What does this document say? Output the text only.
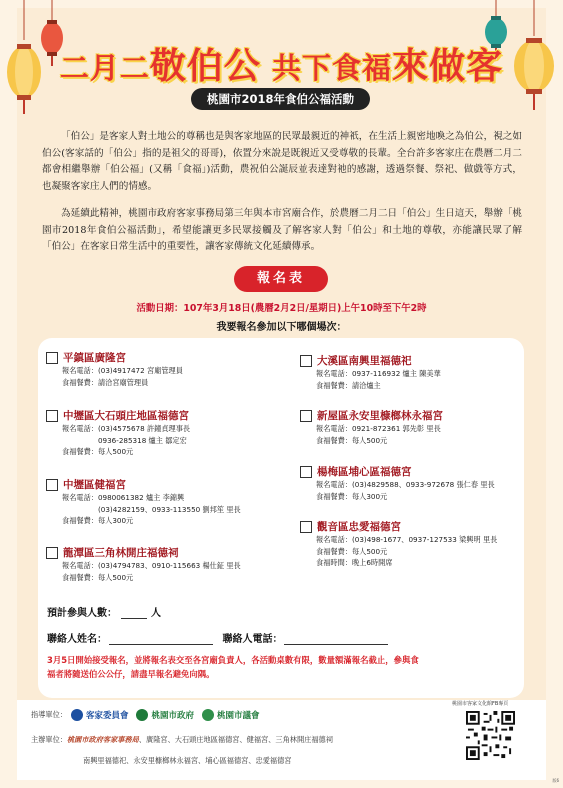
二月二敬伯公 共下食福來做客
桃園市2018年食伯公福活動
「伯公」是客家人對土地公的尊稱也是與客家地區的民眾最親近的神祇，在生活上親密地喚之為伯公，視之如伯公(客家話的「伯公」指的是祖父的哥哥)，依置分來說是既親近又受尊敬的長輩。全台許多客家庄在農曆二月二都會相繼舉辦「伯公福」(又稱「食福」)活動，農祝伯公誕辰並表達對祂的感謝，透過祭餐、祭祀、做戲等方式，也凝聚客家庄人們的情感。
為延續此精神，桃園市政府客家事務局第三年與本市宮廟合作，於農曆二月二日「伯公」生日這天，舉辦「桃園市2018年食伯公福活動」，希望能讓更多民眾接觸及了解客家人對「伯公」和土地的尊敬，亦能讓民眾了解「伯公」在客家日常生活中的重要性，讓客家傳統文化延續傳承。
報名表
活動日期：107年3月18日(農曆2月2日/星期日)上午10時至下午2時
我要報名參加以下哪個場次：
平鎮區廣隆宮
報名電話：(03)4917472 宮廟管理員
食福餐費：請洽宮廟管理員
中壢區大石頭庄地區福德宮
報名電話：(03)4575678 許鐘貞理事長
　　　　　0936-285318 爐主 鄒定宏
食福餐費：每人500元
中壢區健福宮
報名電話：0980061382 爐主 李錦興
　　　　　(03)4282159、0933-113550 劉邦笙 里長
食福餐費：每人300元
龍潭區三角林開庄福德祠
報名電話：(03)4794783、0910-115663 楊仕鉦 里長
食福餐費：每人500元
大溪區南興里福德祀
報名電話：0937-116932 爐主 陳美華
食福餐費：請洽爐主
新屋區永安里槺榔林永福宮
報名電話：0921-872361 郭先彰 里長
食福餐費：每人500元
楊梅區埔心區福德宮
報名電話：(03)4829588、0933-972678 張仁春 里長
食福餐費：每人300元
觀音區忠愛福德宮
報名電話：(03)498-1677、0937-127533 梁興明 里長
食福餐費：每人500元
食福時間：晚上6時開席
預計參與人數：	人
聯絡人姓名：	聯絡人電話：
3月5日開始接受報名，並將報名表交至各宮廟負責人，各活動桌數有限，數量額滿報名截止，參與食福者將隨送伯公公仔，請盡早報名避免向隅。
指導單位： 客家委員會	桃園市政府	桃園市議會
主辦單位：桃園市政府客家事務局、廣隆宮、大石頭庄地區福德宮、健福宮、三角林開庄福德祠
南興里福德祀、永安里槺榔林永福宮、埔心區福德宮、忠愛福德宮
桃園市客家文化館FB專頁
版6
